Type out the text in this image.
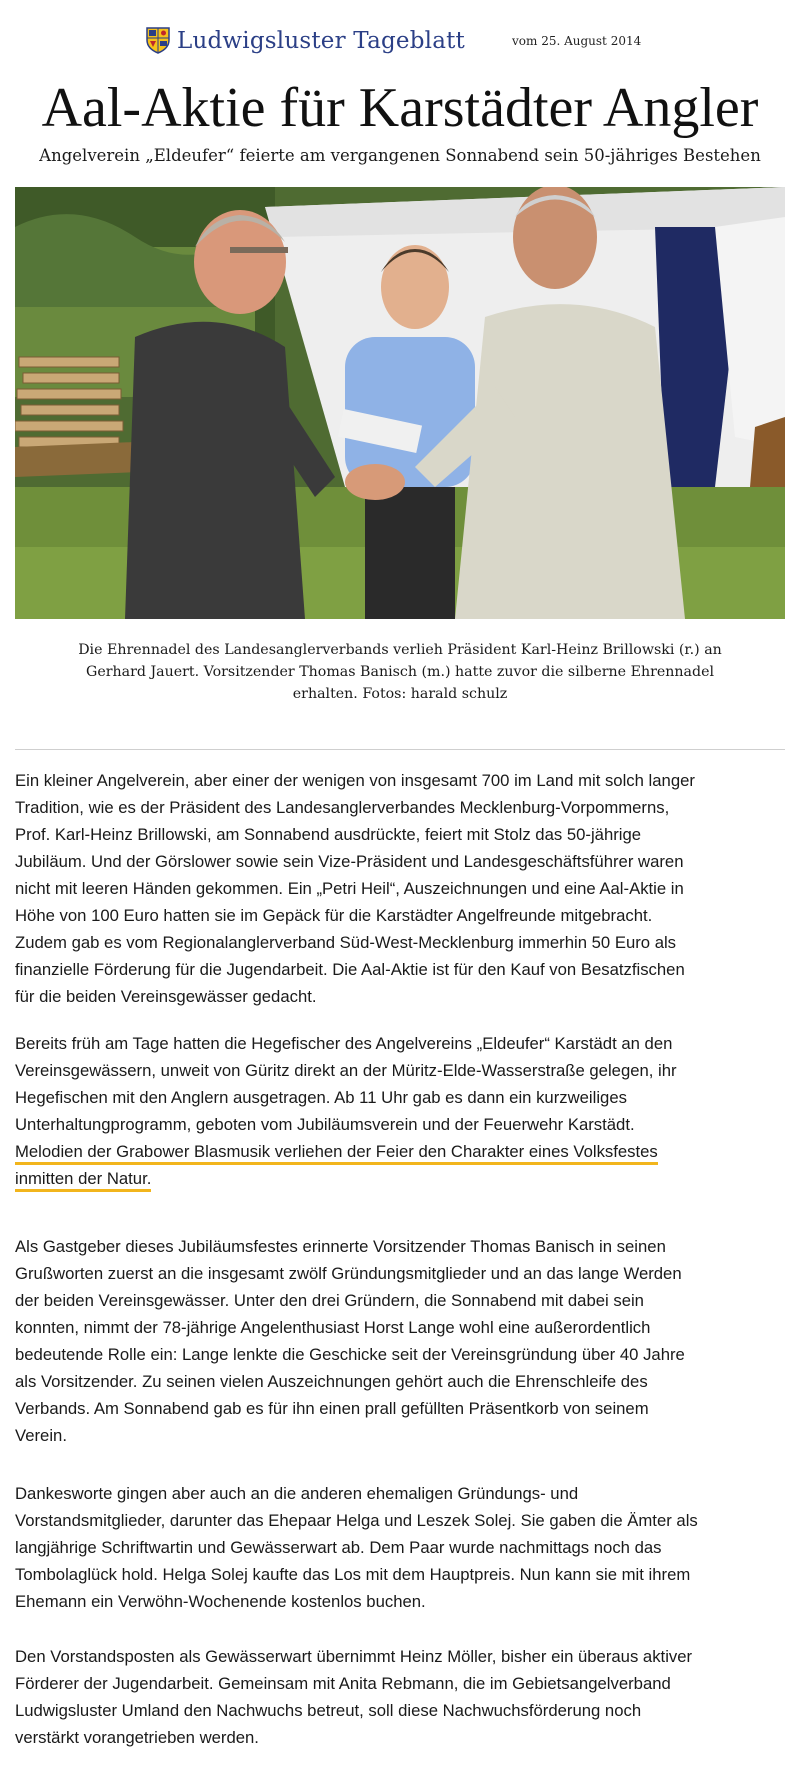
Ludwigsluster Tageblatt	vom 25. August 2014
Aal-Aktie für Karstädter Angler
Angelverein „Eldeufer“ feierte am vergangenen Sonnabend sein 50-jähriges Bestehen
Die Ehrennadel des Landesanglerverbands verlieh Präsident Karl-Heinz Brillowski (r.) an
Gerhard Jauert. Vorsitzender Thomas Banisch (m.) hatte zuvor die silberne Ehrennadel
erhalten. Fotos: harald schulz
Ein kleiner Angelverein, aber einer der wenigen von insgesamt 700 im Land mit solch langer
Tradition, wie es der Präsident des Landesanglerverbandes Mecklenburg-Vorpommerns,
Prof. Karl-Heinz Brillowski, am Sonnabend ausdrückte, feiert mit Stolz das 50-jährige
Jubiläum. Und der Görslower sowie sein Vize-Präsident und Landesgeschäftsführer waren
nicht mit leeren Händen gekommen. Ein „Petri Heil“, Auszeichnungen und eine Aal-Aktie in
Höhe von 100 Euro hatten sie im Gepäck für die Karstädter Angelfreunde mitgebracht.
Zudem gab es vom Regionalanglerverband Süd-West-Mecklenburg immerhin 50 Euro als
finanzielle Förderung für die Jugendarbeit. Die Aal-Aktie ist für den Kauf von Besatzfischen
für die beiden Vereinsgewässer gedacht.
Bereits früh am Tage hatten die Hegefischer des Angelvereins „Eldeufer“ Karstädt an den
Vereinsgewässern, unweit von Güritz direkt an der Müritz-Elde-Wasserstraße gelegen, ihr
Hegefischen mit den Anglern ausgetragen. Ab 11 Uhr gab es dann ein kurzweiliges
Unterhaltungprogramm, geboten vom Jubiläumsverein und der Feuerwehr Karstädt.
Melodien der Grabower Blasmusik verliehen der Feier den Charakter eines Volksfestes
inmitten der Natur.
Als Gastgeber dieses Jubiläumsfestes erinnerte Vorsitzender Thomas Banisch in seinen
Grußworten zuerst an die insgesamt zwölf Gründungsmitglieder und an das lange Werden
der beiden Vereinsgewässer. Unter den drei Gründern, die Sonnabend mit dabei sein
konnten, nimmt der 78-jährige Angelenthusiast Horst Lange wohl eine außerordentlich
bedeutende Rolle ein: Lange lenkte die Geschicke seit der Vereinsgründung über 40 Jahre
als Vorsitzender. Zu seinen vielen Auszeichnungen gehört auch die Ehrenschleife des
Verbands. Am Sonnabend gab es für ihn einen prall gefüllten Präsentkorb von seinem
Verein.
Dankesworte gingen aber auch an die anderen ehemaligen Gründungs- und
Vorstandsmitglieder, darunter das Ehepaar Helga und Leszek Solej. Sie gaben die Ämter als
langjährige Schriftwartin und Gewässerwart ab. Dem Paar wurde nachmittags noch das
Tombolaglück hold. Helga Solej kaufte das Los mit dem Hauptpreis. Nun kann sie mit ihrem
Ehemann ein Verwöhn-Wochenende kostenlos buchen.
Den Vorstandsposten als Gewässerwart übernimmt Heinz Möller, bisher ein überaus aktiver
Förderer der Jugendarbeit. Gemeinsam mit Anita Rebmann, die im Gebietsangelverband
Ludwigsluster Umland den Nachwuchs betreut, soll diese Nachwuchsförderung noch
verstärkt vorangetrieben werden.
